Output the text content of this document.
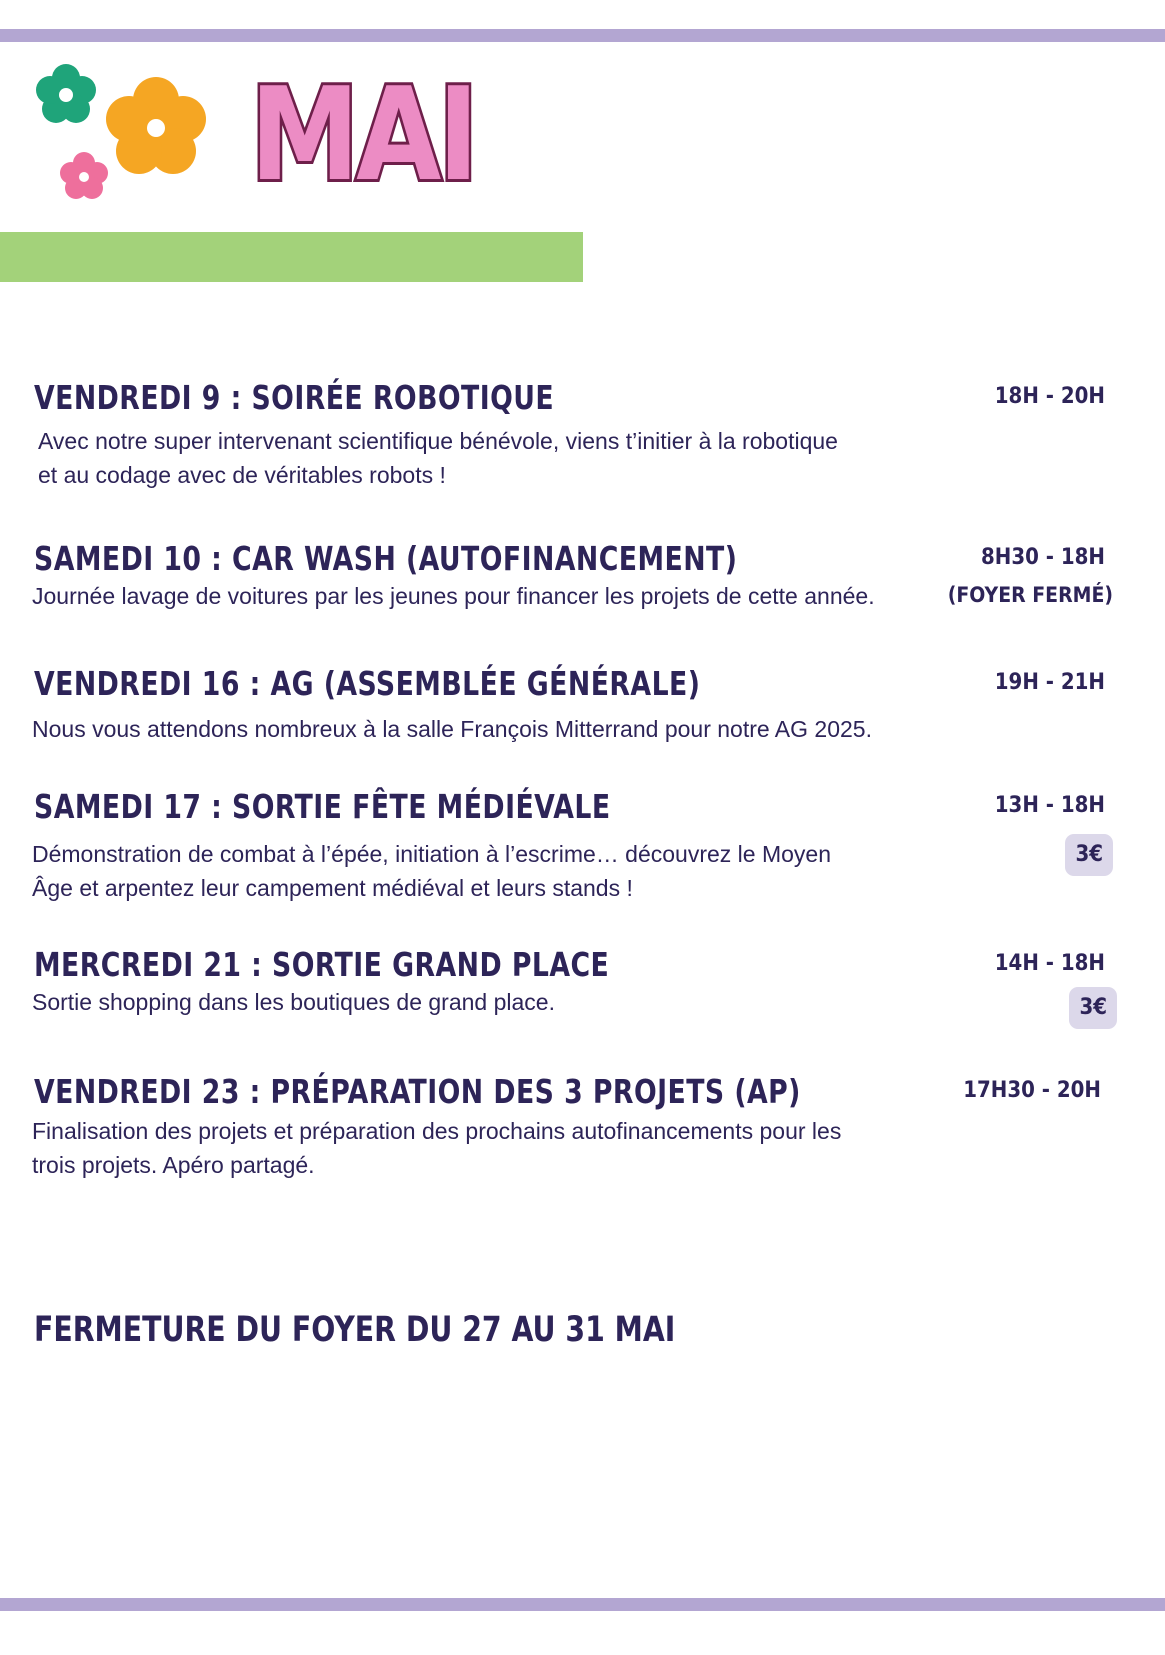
MAI
VENDREDI 9 : SOIRÉE ROBOTIQUE	18H - 20H
Avec notre super intervenant scientifique bénévole, viens t’initier à la robotique
et au codage avec de véritables robots !
SAMEDI 10 : CAR WASH (AUTOFINANCEMENT)	8H30 - 18H
(FOYER FERMÉ)
Journée lavage de voitures par les jeunes pour financer les projets de cette année.
VENDREDI 16 : AG (ASSEMBLÉE GÉNÉRALE)	19H - 21H
Nous vous attendons nombreux à la salle François Mitterrand pour notre AG 2025.
SAMEDI 17 : SORTIE FÊTE MÉDIÉVALE	13H - 18H
3€
Démonstration de combat à l’épée, initiation à l’escrime… découvrez le Moyen
Âge et arpentez leur campement médiéval et leurs stands !
MERCREDI 21 : SORTIE GRAND PLACE	14H - 18H
3€
Sortie shopping dans les boutiques de grand place.
VENDREDI 23 : PRÉPARATION DES 3 PROJETS (AP)	17H30 - 20H
Finalisation des projets et préparation des prochains autofinancements pour les
trois projets. Apéro partagé.
FERMETURE DU FOYER DU 27 AU 31 MAI
